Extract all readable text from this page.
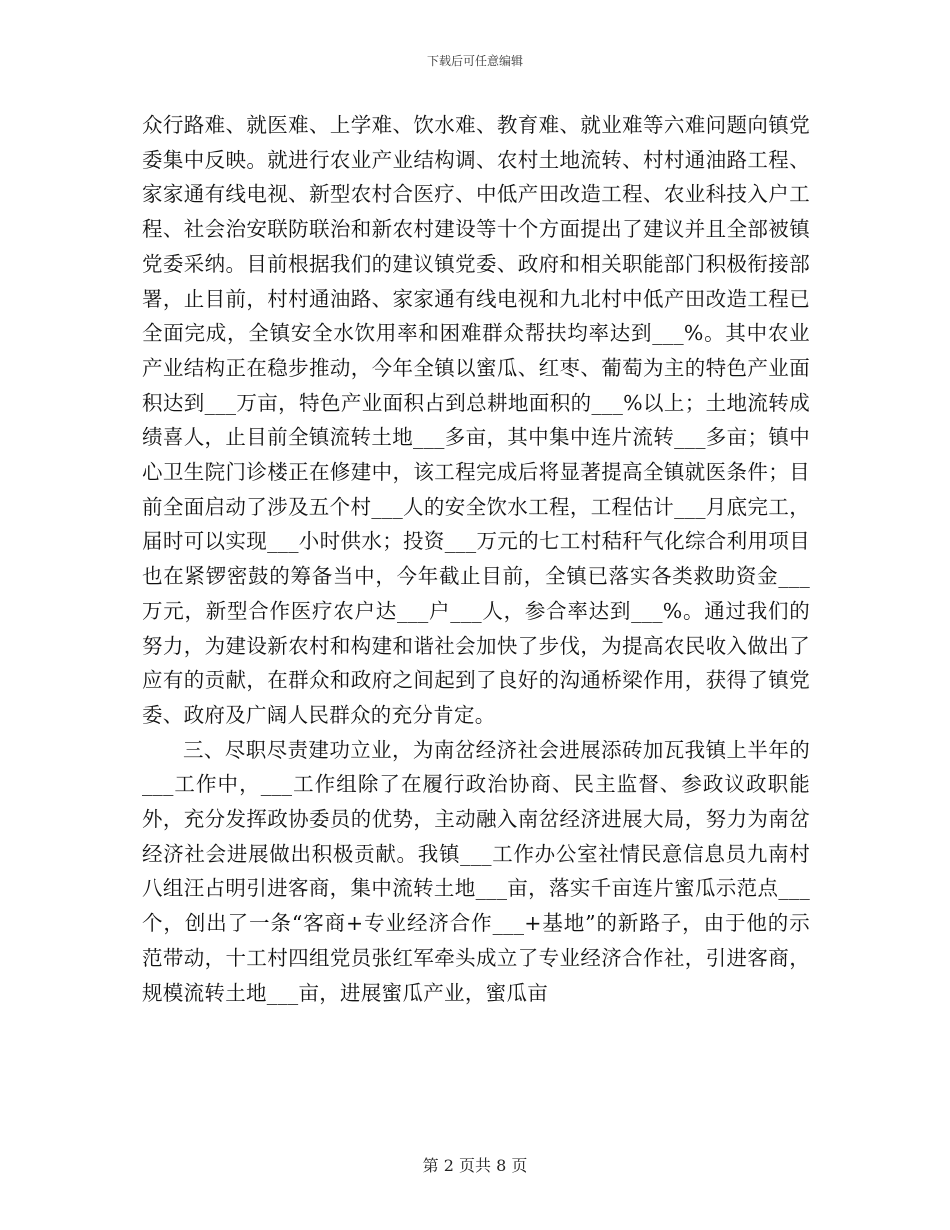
下载后可任意编辑

众行路难、就医难、上学难、饮水难、教育难、就业难等六难问题向镇党委集中反映。就进行农业产业结构调、农村土地流转、村村通油路工程、家家通有线电视、新型农村合医疗、中低产田改造工程、农业科技入户工程、社会治安联防联治和新农村建设等十个方面提出了建议并且全部被镇党委采纳。目前根据我们的建议镇党委、政府和相关职能部门积极衔接部署，止目前，村村通油路、家家通有线电视和九北村中低产田改造工程已全面完成，全镇安全水饮用率和困难群众帮扶均率达到___%。其中农业产业结构正在稳步推动，今年全镇以蜜瓜、红枣、葡萄为主的特色产业面积达到___万亩，特色产业面积占到总耕地面积的___%以上；土地流转成绩喜人，止目前全镇流转土地___多亩，其中集中连片流转___多亩；镇中心卫生院门诊楼正在修建中，该工程完成后将显著提高全镇就医条件；目前全面启动了涉及五个村___人的安全饮水工程，工程估计___月底完工，届时可以实现___小时供水；投资___万元的七工村秸秆气化综合利用项目也在紧锣密鼓的筹备当中，今年截止目前，全镇已落实各类救助资金___万元，新型合作医疗农户达___户___人，参合率达到___%。通过我们的努力，为建设新农村和构建和谐社会加快了步伐，为提高农民收入做出了应有的贡献，在群众和政府之间起到了良好的沟通桥梁作用，获得了镇党委、政府及广阔人民群众的充分肯定。

三、尽职尽责建功立业，为南岔经济社会进展添砖加瓦我镇上半年的___工作中，___工作组除了在履行政治协商、民主监督、参政议政职能外，充分发挥政协委员的优势，主动融入南岔经济进展大局，努力为南岔经济社会进展做出积极贡献。我镇___工作办公室社情民意信息员九南村八组汪占明引进客商，集中流转土地___亩，落实千亩连片蜜瓜示范点___个，创出了一条“客商+专业经济合作___+基地”的新路子，由于他的示范带动，十工村四组党员张红军牵头成立了专业经济合作社，引进客商，规模流转土地___亩，进展蜜瓜产业，蜜瓜亩

第 2 页共 8 页
